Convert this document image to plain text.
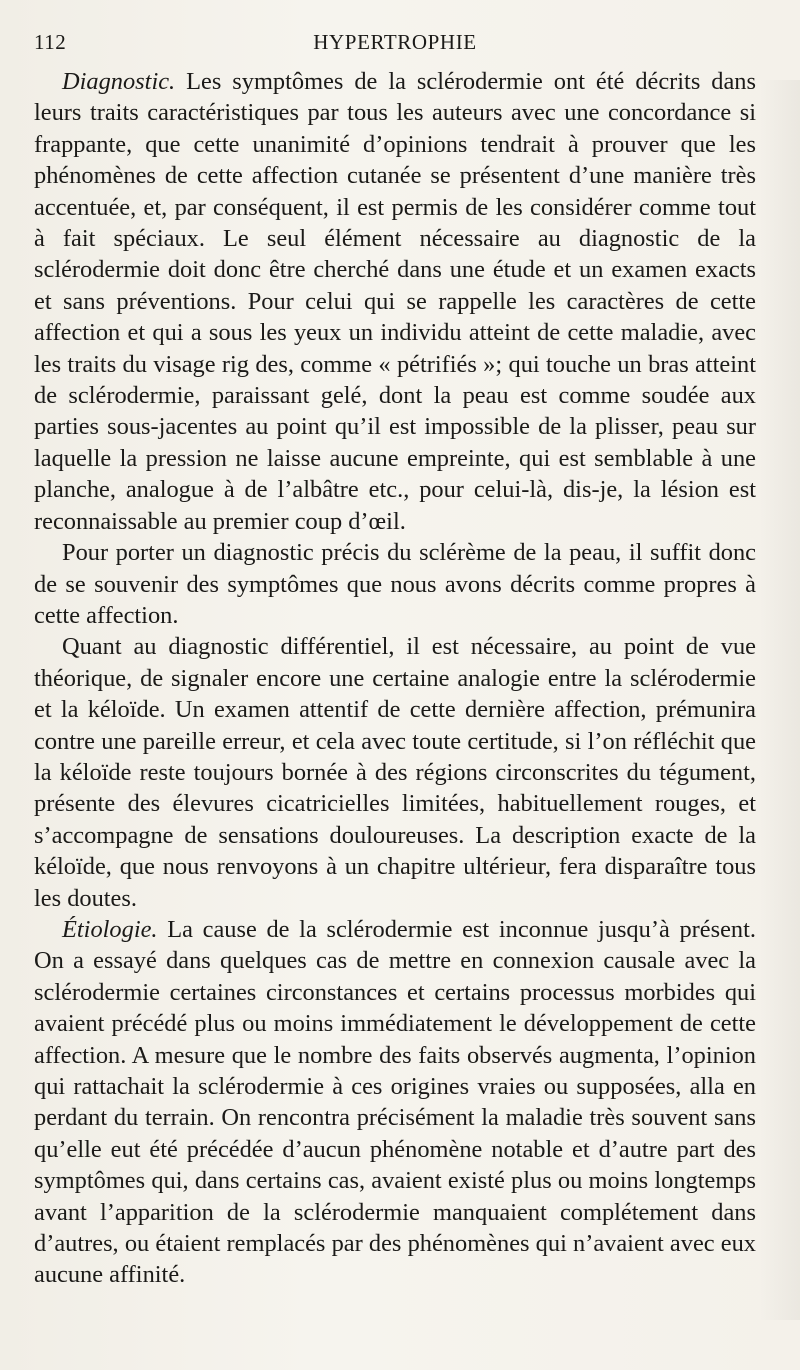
112	HYPERTROPHIE

Diagnostic. Les symptômes de la sclérodermie ont été décrits dans leurs traits caractéristiques par tous les auteurs avec une concordance si frappante, que cette unanimité d’opinions tendrait à prouver que les phénomènes de cette affection cutanée se présentent d’une manière très accentuée, et, par conséquent, il est permis de les considérer comme tout à fait spéciaux. Le seul élément nécessaire au diagnostic de la sclérodermie doit donc être cherché dans une étude et un examen exacts et sans préventions. Pour celui qui se rappelle les caractères de cette affection et qui a sous les yeux un individu atteint de cette maladie, avec les traits du visage rig des, comme « pétrifiés »; qui touche un bras atteint de sclérodermie, paraissant gelé, dont la peau est comme soudée aux parties sous-jacentes au point qu’il est impossible de la plisser, peau sur laquelle la pression ne laisse aucune empreinte, qui est semblable à une planche, analogue à de l’albâtre etc., pour celui-là, dis-je, la lésion est reconnaissable au premier coup d’œil.

Pour porter un diagnostic précis du sclérème de la peau, il suffit donc de se souvenir des symptômes que nous avons décrits comme propres à cette affection.

Quant au diagnostic différentiel, il est nécessaire, au point de vue théorique, de signaler encore une certaine analogie entre la sclérodermie et la kéloïde. Un examen attentif de cette dernière affection, prémunira contre une pareille erreur, et cela avec toute certitude, si l’on réfléchit que la kéloïde reste toujours bornée à des régions circonscrites du tégument, présente des élevures cicatricielles limitées, habituellement rouges, et s’accompagne de sensations douloureuses. La description exacte de la kéloïde, que nous renvoyons à un chapitre ultérieur, fera disparaître tous les doutes.

Étiologie. La cause de la sclérodermie est inconnue jusqu’à présent. On a essayé dans quelques cas de mettre en connexion causale avec la sclérodermie certaines circonstances et certains processus morbides qui avaient précédé plus ou moins immédiatement le développement de cette affection. A mesure que le nombre des faits observés augmenta, l’opinion qui rattachait la sclérodermie à ces origines vraies ou supposées, alla en perdant du terrain. On rencontra précisément la maladie très souvent sans qu’elle eut été précédée d’aucun phénomène notable et d’autre part des symptômes qui, dans certains cas, avaient existé plus ou moins longtemps avant l’apparition de la sclérodermie manquaient complétement dans d’autres, ou étaient remplacés par des phénomènes qui n’avaient avec eux aucune affinité.
